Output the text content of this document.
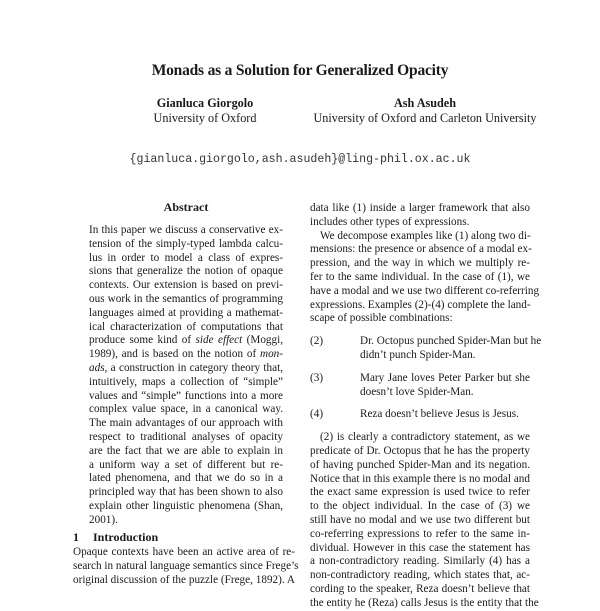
Monads as a Solution for Generalized Opacity
Gianluca Giorgolo
University of Oxford
Ash Asudeh
University of Oxford and Carleton University
{gianluca.giorgolo,ash.asudeh}@ling-phil.ox.ac.uk
Abstract
In this paper we discuss a conservative ex-
tension of the simply-typed lambda calcu-
lus in order to model a class of expres-
sions that generalize the notion of opaque
contexts. Our extension is based on previ-
ous work in the semantics of programming
languages aimed at providing a mathemat-
ical characterization of computations that
produce some kind of side effect (Moggi,
1989), and is based on the notion of mon-
ads, a construction in category theory that,
intuitively, maps a collection of “simple”
values and “simple” functions into a more
complex value space, in a canonical way.
The main advantages of our approach with
respect to traditional analyses of opacity
are the fact that we are able to explain in
a uniform way a set of different but re-
lated phenomena, and that we do so in a
principled way that has been shown to also
explain other linguistic phenomena (Shan,
2001).
1 Introduction
Opaque contexts have been an active area of re-
search in natural language semantics since Frege’s
original discussion of the puzzle (Frege, 1892). A
data like (1) inside a larger framework that also
includes other types of expressions.
We decompose examples like (1) along two di-
mensions: the presence or absence of a modal ex-
pression, and the way in which we multiply re-
fer to the same individual. In the case of (1), we
have a modal and we use two different co-referring
expressions. Examples (2)-(4) complete the land-
scape of possible combinations:
(2)	Dr. Octopus punched Spider-Man but he
didn’t punch Spider-Man.
(3)	Mary Jane loves Peter Parker but she
doesn’t love Spider-Man.
(4)	Reza doesn’t believe Jesus is Jesus.
(2) is clearly a contradictory statement, as we
predicate of Dr. Octopus that he has the property
of having punched Spider-Man and its negation.
Notice that in this example there is no modal and
the exact same expression is used twice to refer
to the object individual. In the case of (3) we
still have no modal and we use two different but
co-referring expressions to refer to the same in-
dividual. However in this case the statement has
a non-contradictory reading. Similarly (4) has a
non-contradictory reading, which states that, ac-
cording to the speaker, Reza doesn’t believe that
the entity he (Reza) calls Jesus is the entity that the
